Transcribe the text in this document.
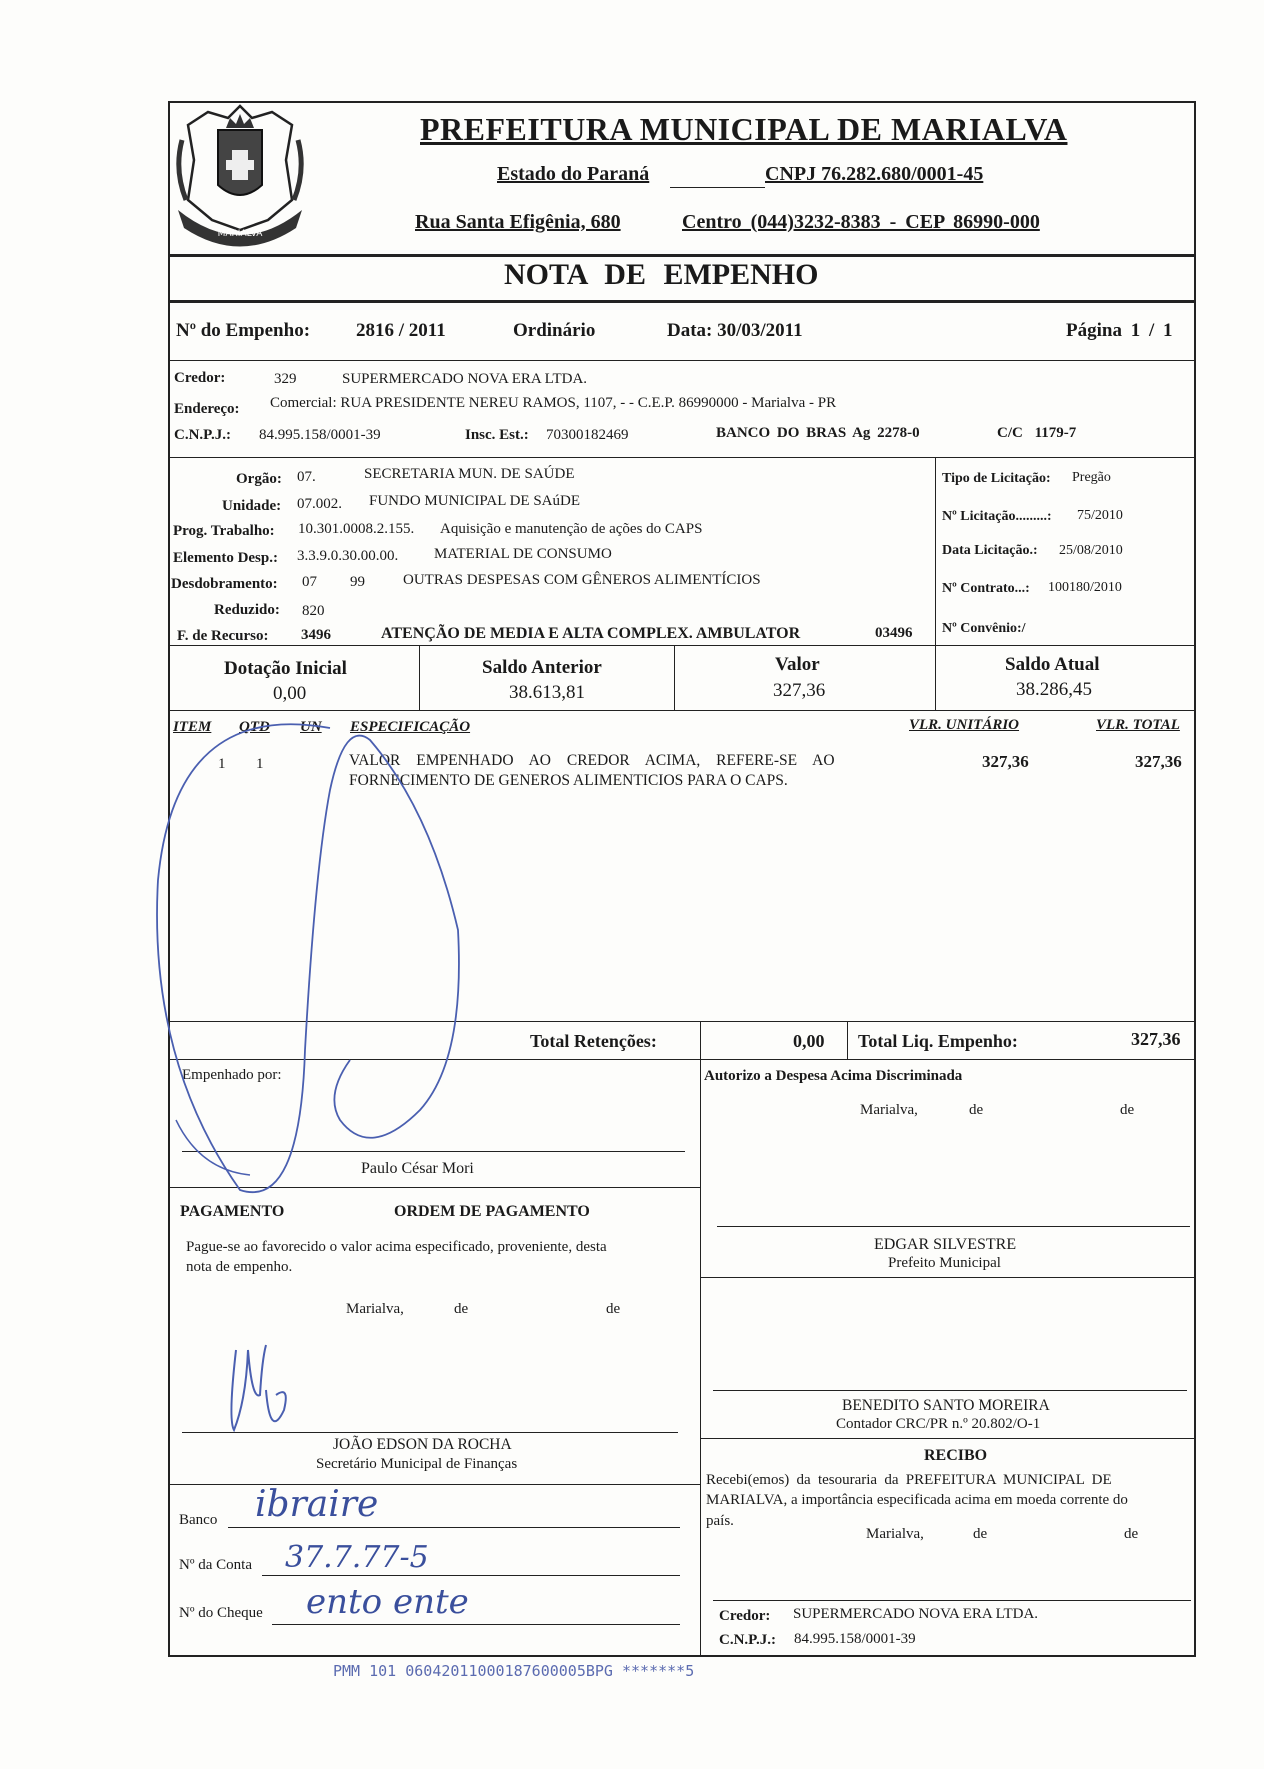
MARIALVA
PREFEITURA MUNICIPAL DE MARIALVA
Estado do Paraná	CNPJ 76.282.680/0001-45
Rua Santa Efigênia, 680	Centro (044)3232-8383 - CEP 86990-000
NOTA DE EMPENHO
Nº do Empenho: 2816 / 2011	Ordinário	Data: 30/03/2011	Página 1 / 1
Credor:	329	SUPERMERCADO NOVA ERA LTDA.
Endereço: Comercial: RUA PRESIDENTE NEREU RAMOS, 1107, - - C.E.P. 86990000 - Marialva - PR
C.N.P.J.: 84.995.158/0001-39	Insc. Est.: 70300182469	BANCO DO BRAS Ag 2278-0	C/C 1179-7
Orgão: 07.	SECRETARIA MUN. DE SAÚDE
Unidade: 07.002. FUNDO MUNICIPAL DE SAúDE
Prog. Trabalho: 10.301.0008.2.155. Aquisição e manutenção de ações do CAPS
Elemento Desp.: 3.3.9.0.30.00.00. MATERIAL DE CONSUMO
Desdobramento: 07 99	OUTRAS DESPESAS COM GÊNEROS ALIMENTÍCIOS
Reduzido: 820
F. de Recurso: 3496	ATENÇÃO DE MEDIA E ALTA COMPLEX. AMBULATOR	03496
Tipo de Licitação: Pregão
Nº Licitação.........: 75/2010
Data Licitação.: 25/08/2010
Nº Contrato...: 100180/2010
Nº Convênio:/
Dotação Inicial
0,00
Saldo Anterior
38.613,81
Valor
327,36
Saldo Atual
38.286,45
ITEM QTD UN ESPECIFICAÇÃO	VLR. UNITÁRIO	VLR. TOTAL
1 1	VALOR EMPENHADO AO CREDOR ACIMA, REFERE-SE AO
FORNECIMENTO DE GENEROS ALIMENTICIOS PARA O CAPS.
327,36	327,36
Total Retenções:	0,00 Total Liq. Empenho:	327,36
Empenhado por:
Paulo César Mori
PAGAMENTO	ORDEM DE PAGAMENTO
Pague-se ao favorecido o valor acima especificado, proveniente, desta
nota de empenho.
Marialva,	de	de
JOÃO EDSON DA ROCHA
Secretário Municipal de Finanças
Banco ibraire
Nº da Conta 37.7.77-5
Nº do Cheque ento ente
Autorizo a Despesa Acima Discriminada
Marialva,	de	de
EDGAR SILVESTRE
Prefeito Municipal
BENEDITO SANTO MOREIRA
Contador CRC/PR n.º 20.802/O-1
RECIBO
Recebi(emos) da tesouraria da PREFEITURA MUNICIPAL DE
MARIALVA, a importância especificada acima em moeda corrente do
país.
Marialva,	de	de
Credor: SUPERMERCADO NOVA ERA LTDA.
C.N.P.J.: 84.995.158/0001-39
PMM 101 06042011000187600005BPG *******5
